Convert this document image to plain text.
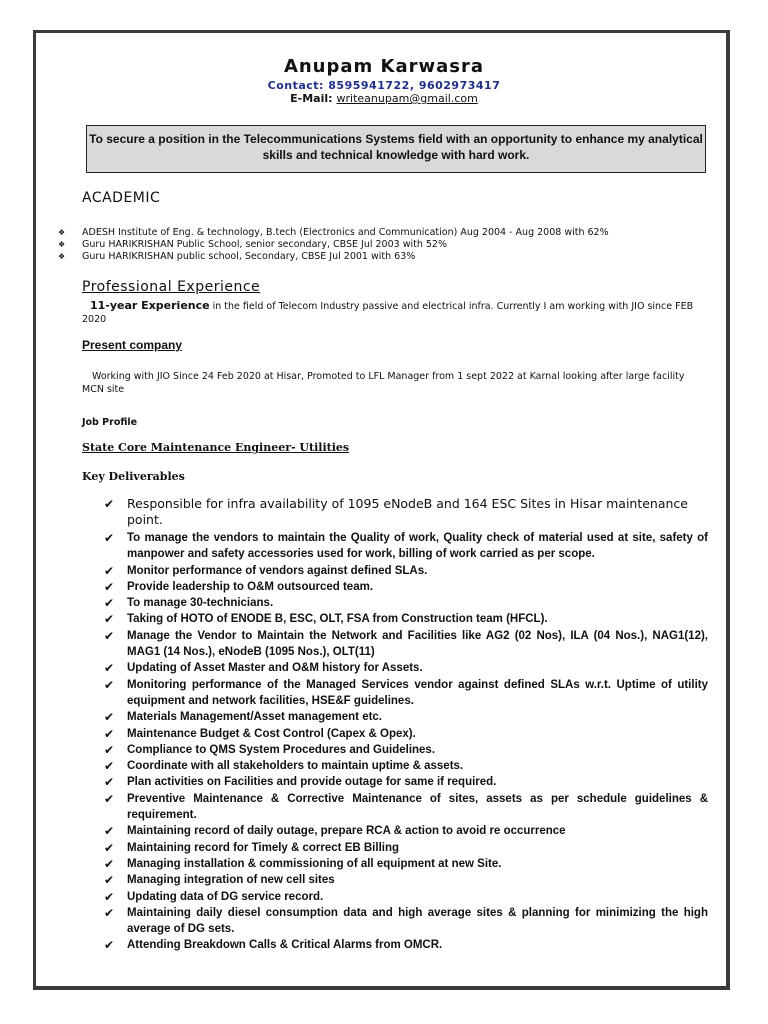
Anupam Karwasra
Contact: 8595941722, 9602973417
E-Mail: writeanupam@gmail.com
To secure a position in the Telecommunications Systems field with an opportunity to enhance my analytical skills and technical knowledge with hard work.
ACADEMIC
❖ ADESH Institute of Eng. & technology, B.tech (Electronics and Communication) Aug 2004 - Aug 2008 with 62%
❖ Guru HARIKRISHAN Public School, senior secondary, CBSE Jul 2003 with 52%
❖ Guru HARIKRISHAN public school, Secondary, CBSE Jul 2001 with 63%
Professional Experience
11-year Experience in the field of Telecom Industry passive and electrical infra. Currently I am working with JIO since FEB 2020
Present company
Working with JIO Since 24 Feb 2020 at Hisar, Promoted to LFL Manager from 1 sept 2022 at Karnal looking after large facility MCN site
Job Profile
State Core Maintenance Engineer- Utilities
Key Deliverables
✔ Responsible for infra availability of 1095 eNodeB and 164 ESC Sites in Hisar maintenance point.
✔ To manage the vendors to maintain the Quality of work, Quality check of material used at site, safety of manpower and safety accessories used for work, billing of work carried as per scope.
✔ Monitor performance of vendors against defined SLAs.
✔ Provide leadership to O&M outsourced team.
✔ To manage 30-technicians.
✔ Taking of HOTO of ENODE B, ESC, OLT, FSA from Construction team (HFCL).
✔ Manage the Vendor to Maintain the Network and Facilities like AG2 (02 Nos), ILA (04 Nos.), NAG1(12), MAG1 (14 Nos.), eNodeB (1095 Nos.), OLT(11)
✔ Updating of Asset Master and O&M history for Assets.
✔ Monitoring performance of the Managed Services vendor against defined SLAs w.r.t. Uptime of utility equipment and network facilities, HSE&F guidelines.
✔ Materials Management/Asset management etc.
✔ Maintenance Budget & Cost Control (Capex & Opex).
✔ Compliance to QMS System Procedures and Guidelines.
✔ Coordinate with all stakeholders to maintain uptime & assets.
✔ Plan activities on Facilities and provide outage for same if required.
✔ Preventive Maintenance & Corrective Maintenance of sites, assets as per schedule guidelines & requirement.
✔ Maintaining record of daily outage, prepare RCA & action to avoid re occurrence
✔ Maintaining record for Timely & correct EB Billing
✔ Managing installation & commissioning of all equipment at new Site.
✔ Managing integration of new cell sites
✔ Updating data of DG service record.
✔ Maintaining daily diesel consumption data and high average sites & planning for minimizing the high average of DG sets.
✔ Attending Breakdown Calls & Critical Alarms from OMCR.
